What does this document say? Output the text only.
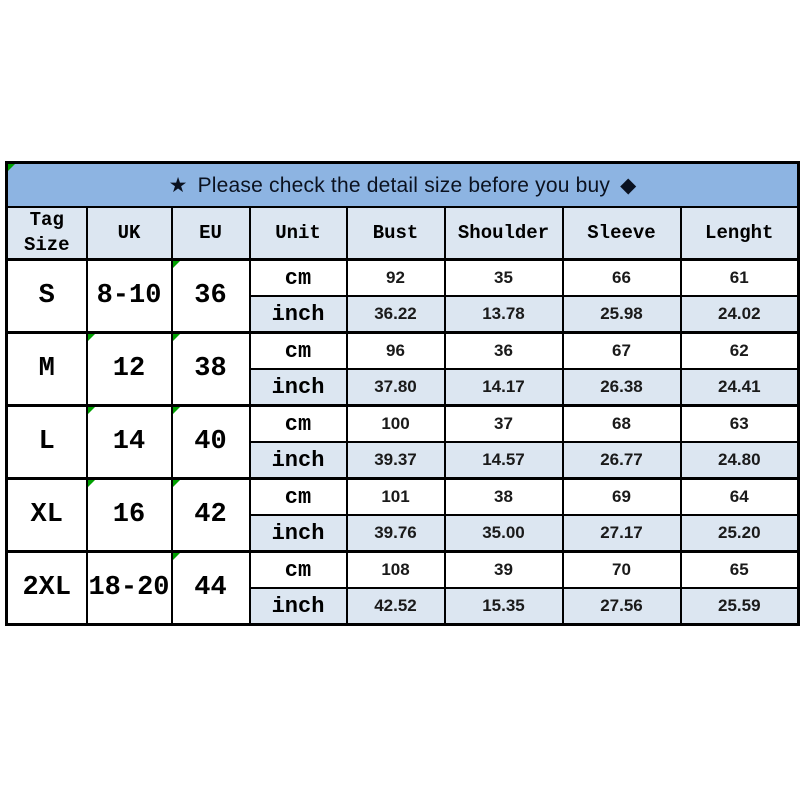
★ Please check the detail size before you buy ◆							
Tag Size	UK	EU	Unit	Bust	Shoulder	Sleeve	Lenght
S	8-10	36	cm	92	35	66	61
			inch	36.22	13.78	25.98	24.02
M	12	38	cm	96	36	67	62
			inch	37.80	14.17	26.38	24.41
L	14	40	cm	100	37	68	63
			inch	39.37	14.57	26.77	24.80
XL	16	42	cm	101	38	69	64
			inch	39.76	35.00	27.17	25.20
2XL	18-20	44	cm	108	39	70	65
			inch	42.52	15.35	27.56	25.59
